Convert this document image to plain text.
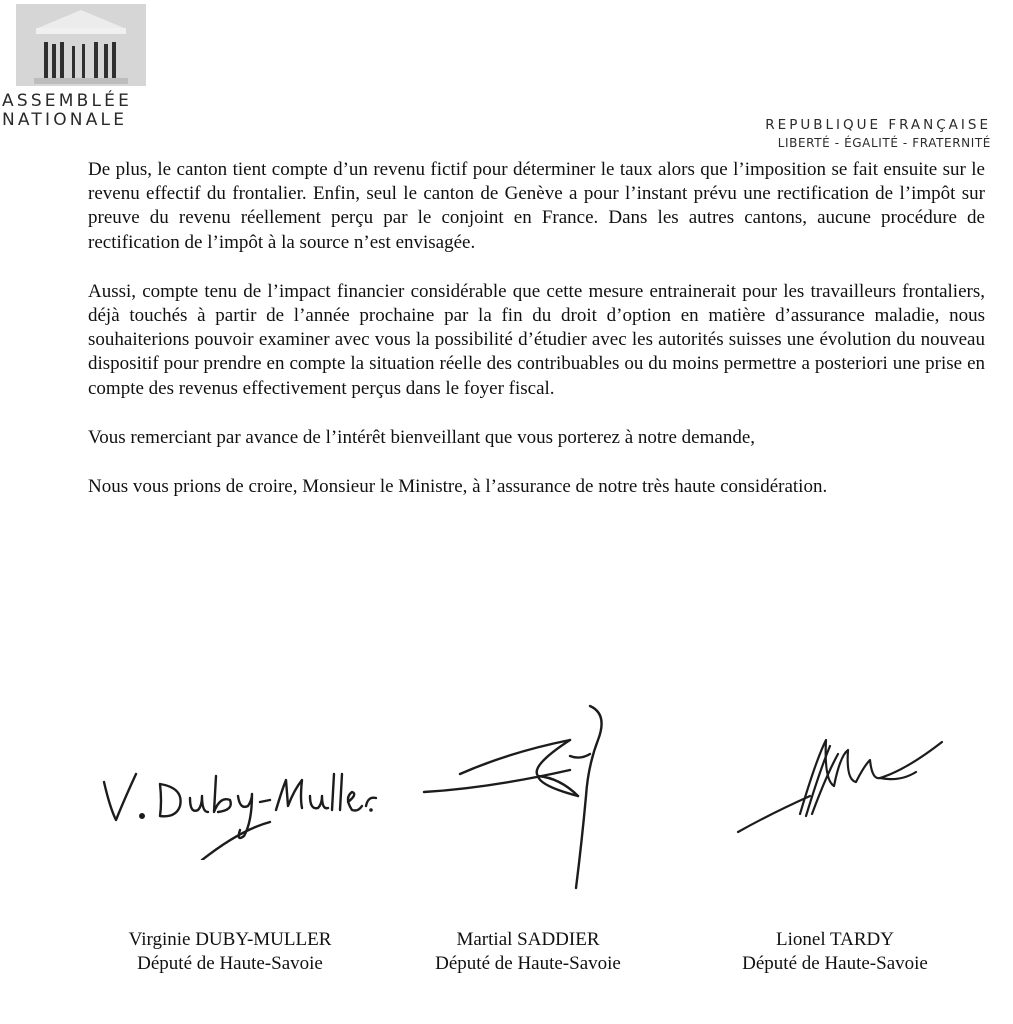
ASSEMBLÉE
NATIONALE	REPUBLIQUE FRANÇAISE
LIBERTÉ - ÉGALITÉ - FRATERNITÉ

De plus, le canton tient compte d’un revenu fictif pour déterminer le taux alors que l’imposition se fait ensuite sur le revenu effectif du frontalier. Enfin, seul le canton de Genève a pour l’instant prévu une rectification de l’impôt sur preuve du revenu réellement perçu par le conjoint en France. Dans les autres cantons, aucune procédure de rectification de l’impôt à la source n’est envisagée.

Aussi, compte tenu de l’impact financier considérable que cette mesure entrainerait pour les travailleurs frontaliers, déjà touchés à partir de l’année prochaine par la fin du droit d’option en matière d’assurance maladie, nous souhaiterions pouvoir examiner avec vous la possibilité d’étudier avec les autorités suisses une évolution du nouveau dispositif pour prendre en compte la situation réelle des contribuables ou du moins permettre a posteriori une prise en compte des revenus effectivement perçus dans le foyer fiscal.

Vous remerciant par avance de l’intérêt bienveillant que vous porterez à notre demande,

Nous vous prions de croire, Monsieur le Ministre, à l’assurance de notre très haute considération.

Virginie DUBY-MULLER
Député de Haute-Savoie
Martial SADDIER
Député de Haute-Savoie
Lionel TARDY
Député de Haute-Savoie
